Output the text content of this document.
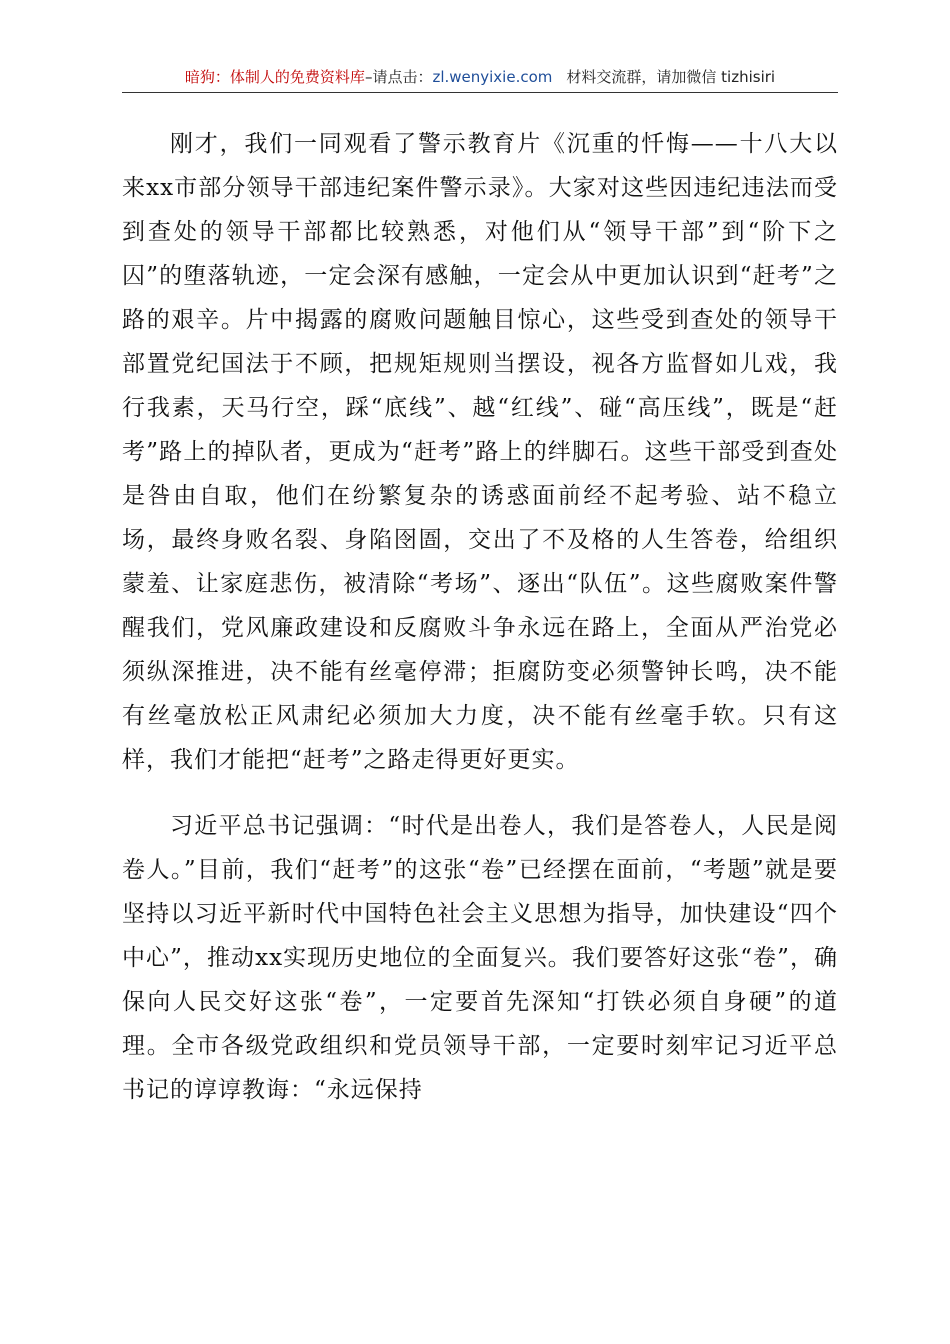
暗狗：体制人的免费资料库–请点击：zl.wenyixie.com 材料交流群，请加微信 tizhisiri

刚才，我们一同观看了警示教育片《沉重的忏悔——十八大以来xx市部分领导干部违纪案件警示录》。大家对这些因违纪违法而受到查处的领导干部都比较熟悉，对他们从“领导干部”到“阶下之囚”的堕落轨迹，一定会深有感触，一定会从中更加认识到“赶考”之路的艰辛。片中揭露的腐败问题触目惊心，这些受到查处的领导干部置党纪国法于不顾，把规矩规则当摆设，视各方监督如儿戏，我行我素，天马行空，踩“底线”、越“红线”、碰“高压线”，既是“赶考”路上的掉队者，更成为“赶考”路上的绊脚石。这些干部受到查处是咎由自取，他们在纷繁复杂的诱惑面前经不起考验、站不稳立场，最终身败名裂、身陷囹圄，交出了不及格的人生答卷，给组织蒙羞、让家庭悲伤，被清除“考场”、逐出“队伍”。这些腐败案件警醒我们，党风廉政建设和反腐败斗争永远在路上，全面从严治党必须纵深推进，决不能有丝毫停滞；拒腐防变必须警钟长鸣，决不能有丝毫放松正风肃纪必须加大力度，决不能有丝毫手软。只有这样，我们才能把“赶考”之路走得更好更实。

习近平总书记强调：“时代是出卷人，我们是答卷人，人民是阅卷人。”目前，我们“赶考”的这张“卷”已经摆在面前，“考题”就是要坚持以习近平新时代中国特色社会主义思想为指导，加快建设“四个中心”，推动xx实现历史地位的全面复兴。我们要答好这张“卷”，确保向人民交好这张“卷”，一定要首先深知“打铁必须自身硬”的道理。全市各级党政组织和党员领导干部，一定要时刻牢记习近平总书记的谆谆教诲：“永远保持
